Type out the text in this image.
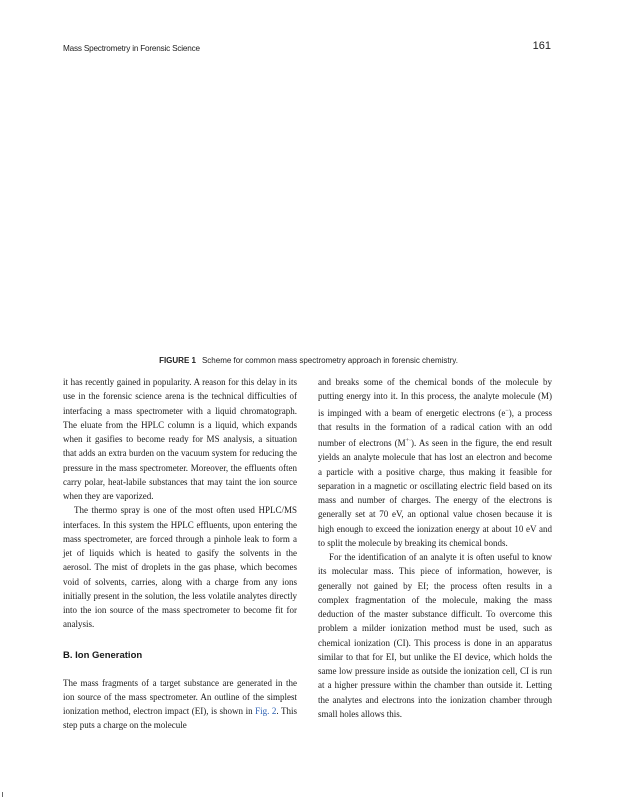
Mass Spectrometry in Forensic Science	161
FIGURE 1 Scheme for common mass spectrometry approach in forensic chemistry.

it has recently gained in popularity. A reason for this delay in its use in the forensic science arena is the technical difficulties of interfacing a mass spectrometer with a liquid chromatograph. The eluate from the HPLC column is a liquid, which expands when it gasifies to become ready for MS analysis, a situation that adds an extra burden on the vacuum system for reducing the pressure in the mass spectrometer. Moreover, the effluents often carry polar, heat-labile substances that may taint the ion source when they are vaporized.

The thermo spray is one of the most often used HPLC/MS interfaces. In this system the HPLC effluents, upon entering the mass spectrometer, are forced through a pinhole leak to form a jet of liquids which is heated to gasify the solvents in the aerosol. The mist of droplets in the gas phase, which becomes void of solvents, carries, along with a charge from any ions initially present in the solution, the less volatile analytes directly into the ion source of the mass spectrometer to become fit for analysis.

B. Ion Generation

The mass fragments of a target substance are generated in the ion source of the mass spectrometer. An outline of the simplest ionization method, electron impact (EI), is shown in Fig. 2. This step puts a charge on the molecule

and breaks some of the chemical bonds of the molecule by putting energy into it. In this process, the analyte molecule (M) is impinged with a beam of energetic electrons (e−), a process that results in the formation of a radical cation with an odd number of electrons (M+·). As seen in the figure, the end result yields an analyte molecule that has lost an electron and become a particle with a positive charge, thus making it feasible for separation in a magnetic or oscillating electric field based on its mass and number of charges. The energy of the electrons is generally set at 70 eV, an optional value chosen because it is high enough to exceed the ionization energy at about 10 eV and to split the molecule by breaking its chemical bonds.

For the identification of an analyte it is often useful to know its molecular mass. This piece of information, however, is generally not gained by EI; the process often results in a complex fragmentation of the molecule, making the mass deduction of the master substance difficult. To overcome this problem a milder ionization method must be used, such as chemical ionization (CI). This process is done in an apparatus similar to that for EI, but unlike the EI device, which holds the same low pressure inside as outside the ionization cell, CI is run at a higher pressure within the chamber than outside it. Letting the analytes and electrons into the ionization chamber through small holes allows this.
